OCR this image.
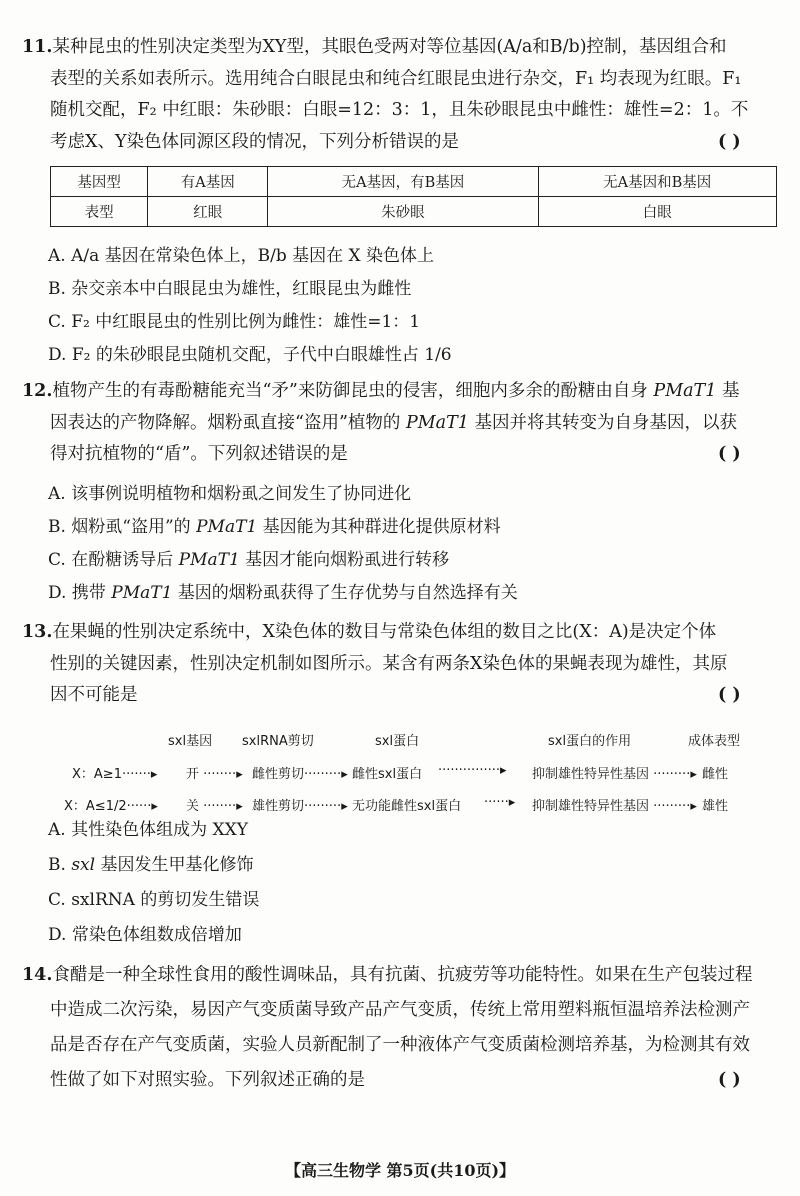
11.某种昆虫的性别决定类型为XY型，其眼色受两对等位基因(A/a和B/b)控制，基因组合和
表型的关系如表所示。选用纯合白眼昆虫和纯合红眼昆虫进行杂交，F₁ 均表现为红眼。F₁
随机交配，F₂ 中红眼：朱砂眼：白眼=12：3：1，且朱砂眼昆虫中雌性：雄性=2：1。不
考虑X、Y染色体同源区段的情况，下列分析错误的是	( )
基因型	有A基因	无A基因，有B基因	无A基因和B基因
表型	红眼	朱砂眼	白眼
A. A/a 基因在常染色体上，B/b 基因在 X 染色体上
B. 杂交亲本中白眼昆虫为雄性，红眼昆虫为雌性
C. F₂ 中红眼昆虫的性别比例为雌性：雄性=1：1
D. F₂ 的朱砂眼昆虫随机交配，子代中白眼雄性占 1/6
12.植物产生的有毒酚糖能充当“矛”来防御昆虫的侵害，细胞内多余的酚糖由自身 PMaT1 基
因表达的产物降解。烟粉虱直接“盗用”植物的 PMaT1 基因并将其转变为自身基因，以获
得对抗植物的“盾”。下列叙述错误的是	( )
A. 该事例说明植物和烟粉虱之间发生了协同进化
B. 烟粉虱“盗用”的 PMaT1 基因能为其种群进化提供原材料
C. 在酚糖诱导后 PMaT1 基因才能向烟粉虱进行转移
D. 携带 PMaT1 基因的烟粉虱获得了生存优势与自然选择有关
13.在果蝇的性别决定系统中，X染色体的数目与常染色体组的数目之比(X：A)是决定个体
性别的关键因素，性别决定机制如图所示。某含有两条X染色体的果蝇表现为雄性，其原
因不可能是	( )
sxl基因 sxlRNA剪切	sxl蛋白	sxl蛋白的作用	成体表型
X：A≥1·······▸ 开 ········▸ 雌性剪切·········▸ 雌性sxl蛋白 ···············▸ 抑制雄性特异性基因 ·········▸ 雌性
X：A≤1/2······▸ 关 ········▸ 雄性剪切·········▸ 无功能雌性sxl蛋白 ······▸ 抑制雄性特异性基因 ·········▸ 雄性
A. 其性染色体组成为 XXY
B. sxl 基因发生甲基化修饰
C. sxlRNA 的剪切发生错误
D. 常染色体组数成倍增加
14.食醋是一种全球性食用的酸性调味品，具有抗菌、抗疲劳等功能特性。如果在生产包装过程
中造成二次污染，易因产气变质菌导致产品产气变质，传统上常用塑料瓶恒温培养法检测产
品是否存在产气变质菌，实验人员新配制了一种液体产气变质菌检测培养基，为检测其有效
性做了如下对照实验。下列叙述正确的是	( )
【高三生物学 第5页(共10页)】
